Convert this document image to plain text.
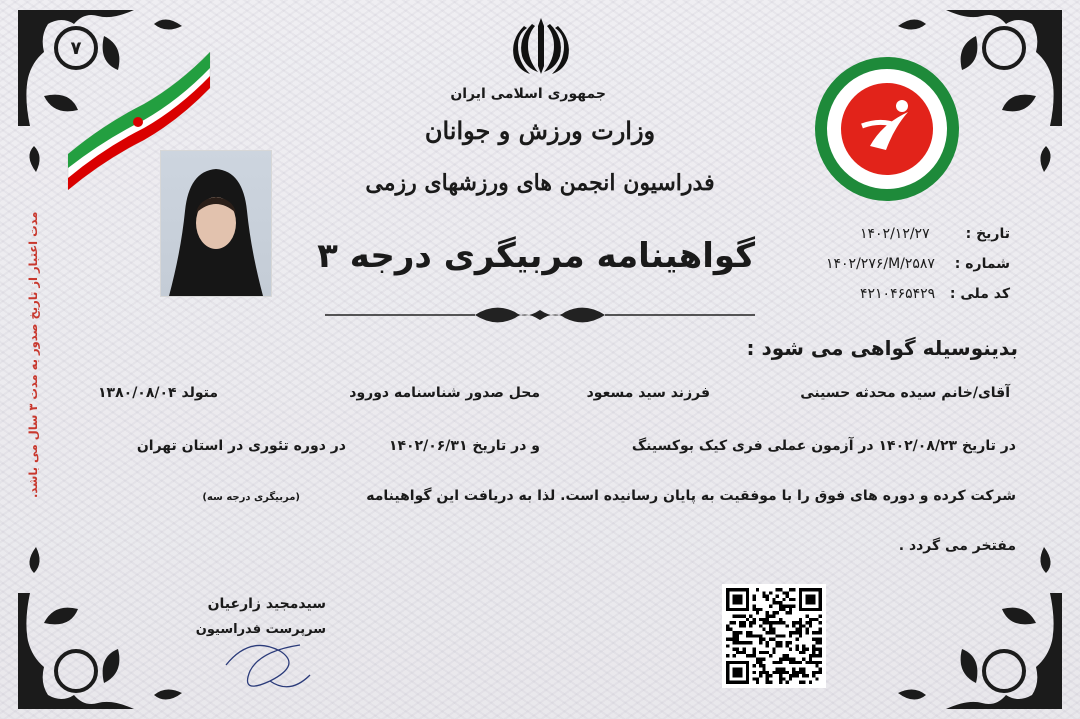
۷
جمهوری اسلامی ایران
وزارت ورزش و جوانان
فدراسیون انجمن های ورزشهای رزمی
گواهینامه مربیگری درجه ۳
تاریخ :
۱۴۰۲/۱۲/۲۷
شماره :
۱۴۰۲/۲۷۶/M/۲۵۸۷
کد ملی :
۴۲۱۰۴۶۵۴۲۹
بدینوسیله گواهی می شود :
آقای/خانم سیده محدثه حسینی
فرزند سید مسعود
محل صدور شناسنامه دورود
متولد ۱۳۸۰/۰۸/۰۴
در تاریخ ۱۴۰۲/۰۸/۲۳ در آزمون عملی فری کیک بوکسینگ
و در تاریخ ۱۴۰۲/۰۶/۳۱
در دوره تئوری در استان تهران
شرکت کرده و دوره های فوق را با موفقیت به پایان رسانیده است. لذا به دریافت این گواهینامه
(مربیگری درجه سه)
مفتخر می گردد .
سیدمجید زارعیان
سرپرست فدراسیون
مدت اعتبار از تاریخ صدور به مدت ۳ سال می باشد.
